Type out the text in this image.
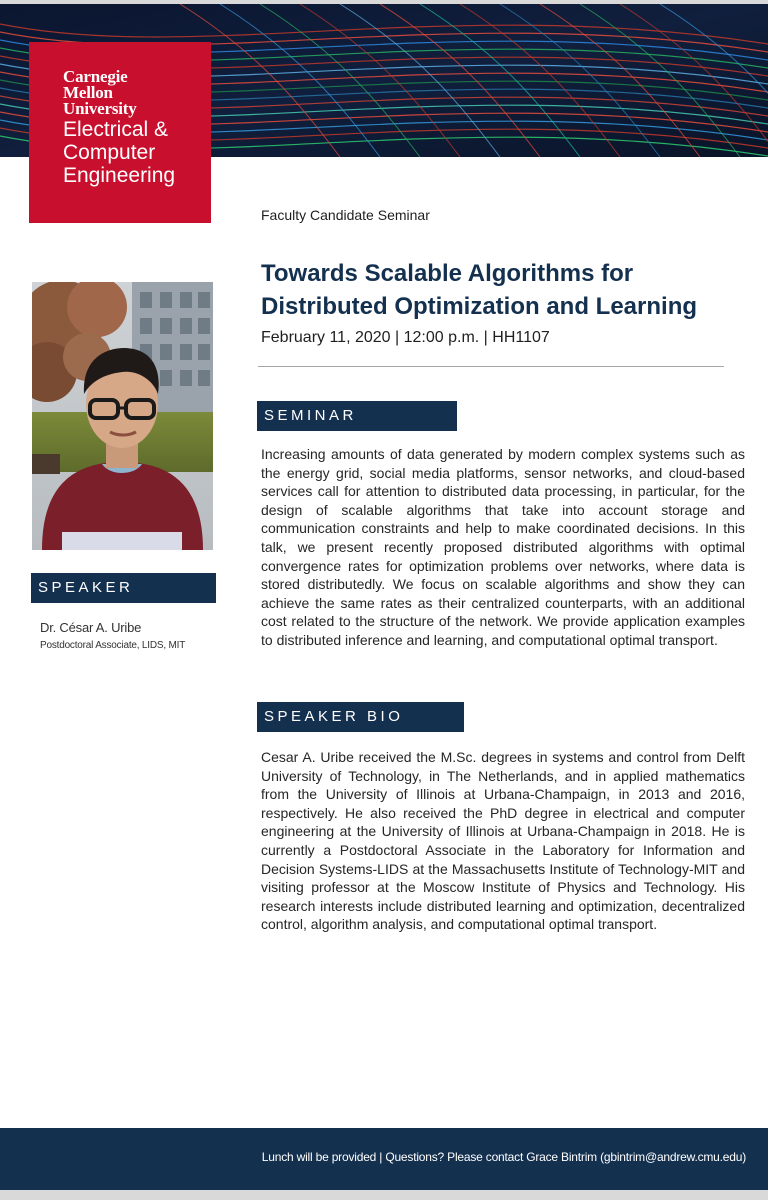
Carnegie
Mellon
University
Electrical &
Computer
Engineering
Faculty Candidate Seminar
Towards Scalable Algorithms for
Distributed Optimization and Learning
February 11, 2020 | 12:00 p.m. | HH1107
SEMINAR
SPEAKER
Dr. César A. Uribe
Postdoctoral Associate, LIDS, MIT
Increasing amounts of data generated by modern complex systems such as the energy grid, social media platforms, sensor networks, and cloud-based services call for attention to distributed data processing, in particular, for the design of scalable algorithms that take into account storage and communication constraints and help to make coordinated decisions. In this talk, we present recently proposed distributed algorithms with optimal convergence rates for optimization problems over networks, where data is stored distributedly. We focus on scalable algorithms and show they can achieve the same rates as their centralized counterparts, with an additional cost related to the structure of the network. We provide application examples to distributed inference and learning, and computational optimal transport.
SPEAKER BIO
Cesar A. Uribe received the M.Sc. degrees in systems and control from Delft University of Technology, in The Netherlands, and in applied mathematics from the University of Illinois at Urbana-Champaign, in 2013 and 2016, respectively. He also received the PhD degree in electrical and computer engineering at the University of Illinois at Urbana-Champaign in 2018. He is currently a Postdoctoral Associate in the Laboratory for Information and Decision Systems-LIDS at the Massachusetts Institute of Technology-MIT and visiting professor at the Moscow Institute of Physics and Technology. His research interests include distributed learning and optimization, decentralized control, algorithm analysis, and computational optimal transport.
Lunch will be provided | Questions? Please contact Grace Bintrim (gbintrim@andrew.cmu.edu)
